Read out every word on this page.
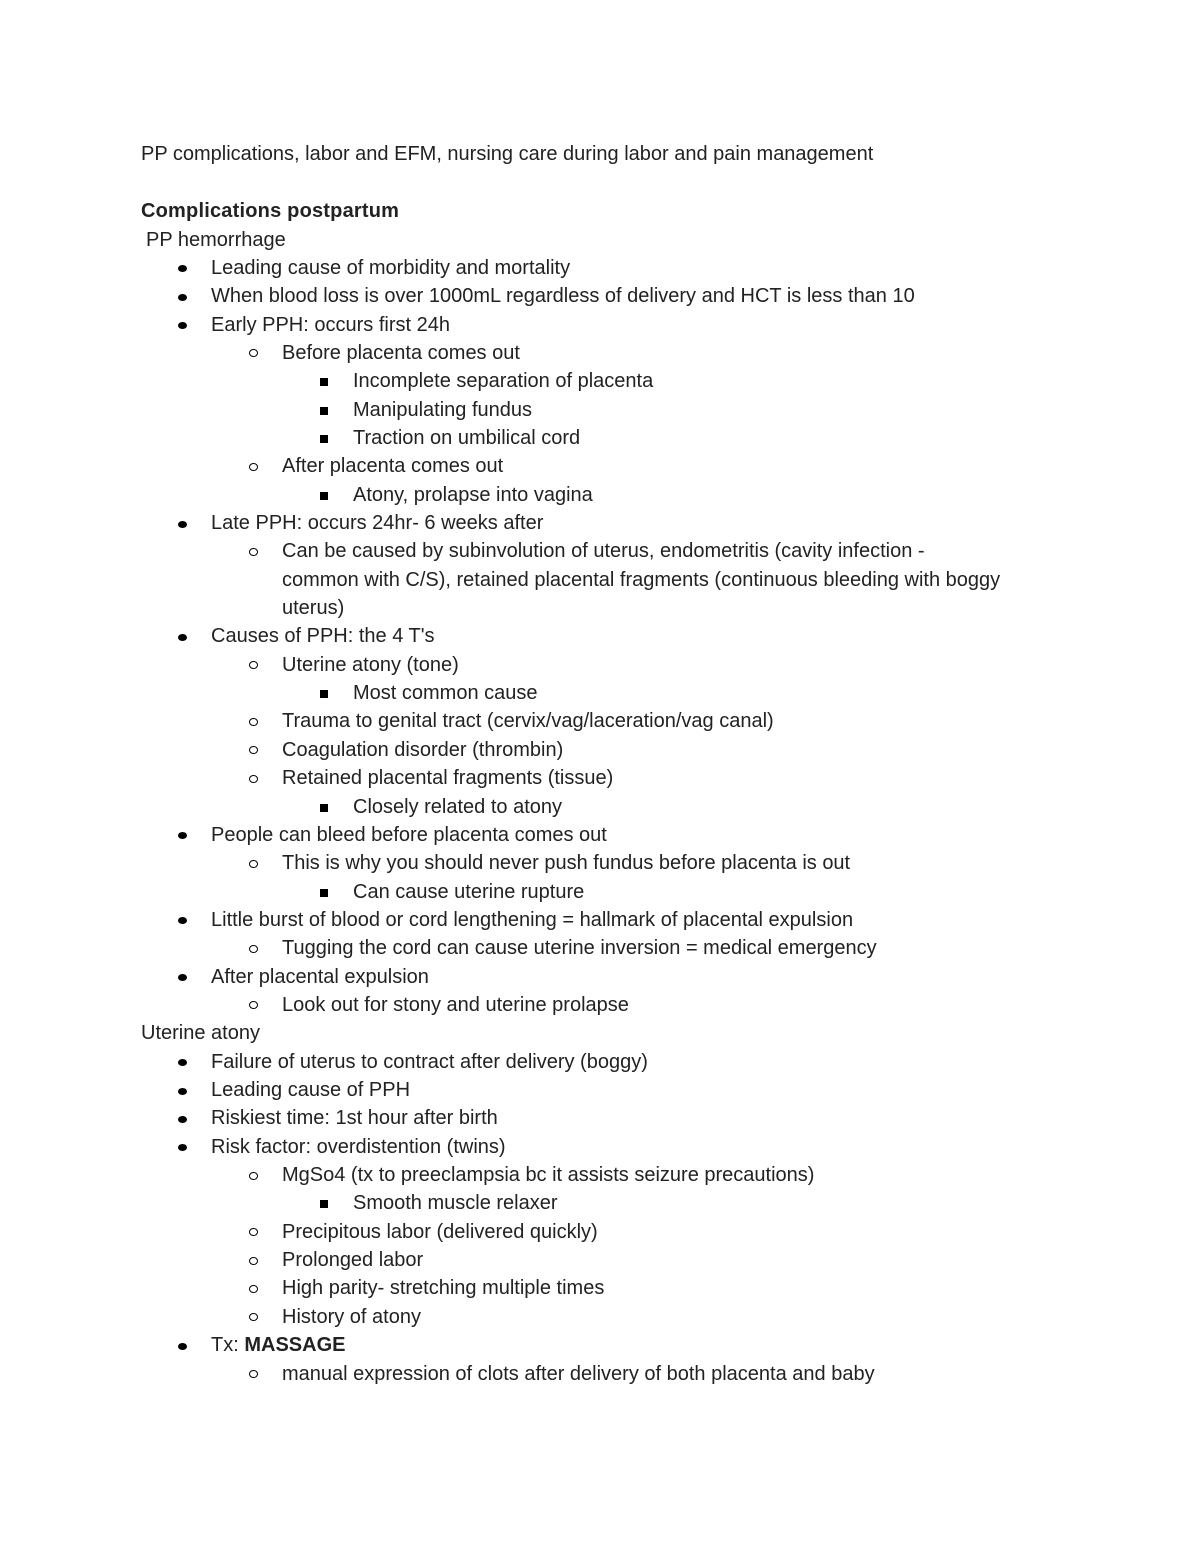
PP complications, labor and EFM, nursing care during labor and pain management
Complications postpartum
PP hemorrhage
Leading cause of morbidity and mortality
When blood loss is over 1000mL regardless of delivery and HCT is less than 10
Early PPH: occurs first 24h
Before placenta comes out
Incomplete separation of placenta
Manipulating fundus
Traction on umbilical cord
After placenta comes out
Atony, prolapse into vagina
Late PPH: occurs 24hr- 6 weeks after
Can be caused by subinvolution of uterus, endometritis (cavity infection -
common with C/S), retained placental fragments (continuous bleeding with boggy
uterus)
Causes of PPH: the 4 T's
Uterine atony (tone)
Most common cause
Trauma to genital tract (cervix/vag/laceration/vag canal)
Coagulation disorder (thrombin)
Retained placental fragments (tissue)
Closely related to atony
People can bleed before placenta comes out
This is why you should never push fundus before placenta is out
Can cause uterine rupture
Little burst of blood or cord lengthening = hallmark of placental expulsion
Tugging the cord can cause uterine inversion = medical emergency
After placental expulsion
Look out for stony and uterine prolapse
Uterine atony
Failure of uterus to contract after delivery (boggy)
Leading cause of PPH
Riskiest time: 1st hour after birth
Risk factor: overdistention (twins)
MgSo4 (tx to preeclampsia bc it assists seizure precautions)
Smooth muscle relaxer
Precipitous labor (delivered quickly)
Prolonged labor
High parity- stretching multiple times
History of atony
Tx: MASSAGE
manual expression of clots after delivery of both placenta and baby
